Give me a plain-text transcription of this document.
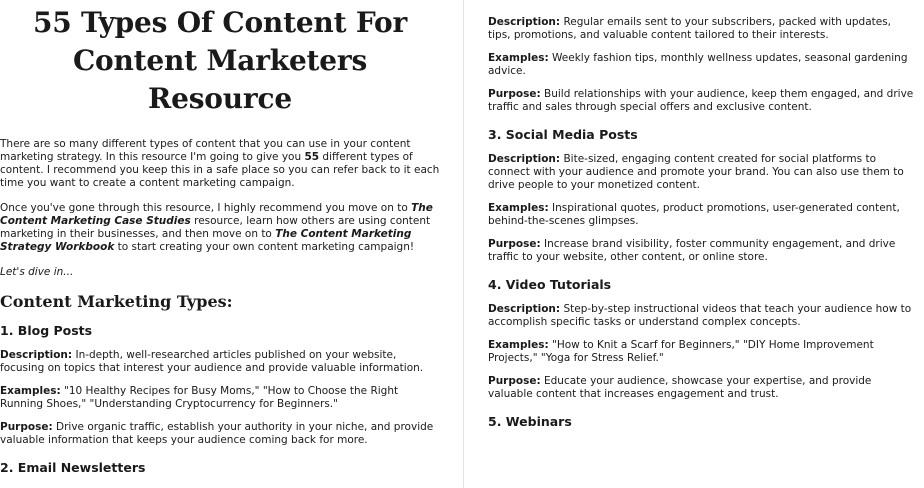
55 Types Of Content For
Content Marketers Resource

There are so many different types of content that you can use in your content marketing strategy. In this resource I'm going to give you 55 different types of content. I recommend you keep this in a safe place so you can refer back to it each time you want to create a content marketing campaign.

Once you've gone through this resource, I highly recommend you move on to The Content Marketing Case Studies resource, learn how others are using content marketing in their businesses, and then move on to The Content Marketing Strategy Workbook to start creating your own content marketing campaign!

Let's dive in...

Content Marketing Types:
1. Blog Posts

Description: In-depth, well-researched articles published on your website, focusing on topics that interest your audience and provide valuable information.

Examples: "10 Healthy Recipes for Busy Moms," "How to Choose the Right Running Shoes," "Understanding Cryptocurrency for Beginners."

Purpose: Drive organic traffic, establish your authority in your niche, and provide valuable information that keeps your audience coming back for more.

2. Email Newsletters

Description: Regular emails sent to your subscribers, packed with updates, tips, promotions, and valuable content tailored to their interests.

Examples: Weekly fashion tips, monthly wellness updates, seasonal gardening advice.

Purpose: Build relationships with your audience, keep them engaged, and drive traffic and sales through special offers and exclusive content.

3. Social Media Posts

Description: Bite-sized, engaging content created for social platforms to connect with your audience and promote your brand. You can also use them to drive people to your monetized content.

Examples: Inspirational quotes, product promotions, user-generated content, behind-the-scenes glimpses.

Purpose: Increase brand visibility, foster community engagement, and drive traffic to your website, other content, or online store.

4. Video Tutorials

Description: Step-by-step instructional videos that teach your audience how to accomplish specific tasks or understand complex concepts.

Examples: "How to Knit a Scarf for Beginners," "DIY Home Improvement Projects," "Yoga for Stress Relief."

Purpose: Educate your audience, showcase your expertise, and provide valuable content that increases engagement and trust.

5. Webinars
